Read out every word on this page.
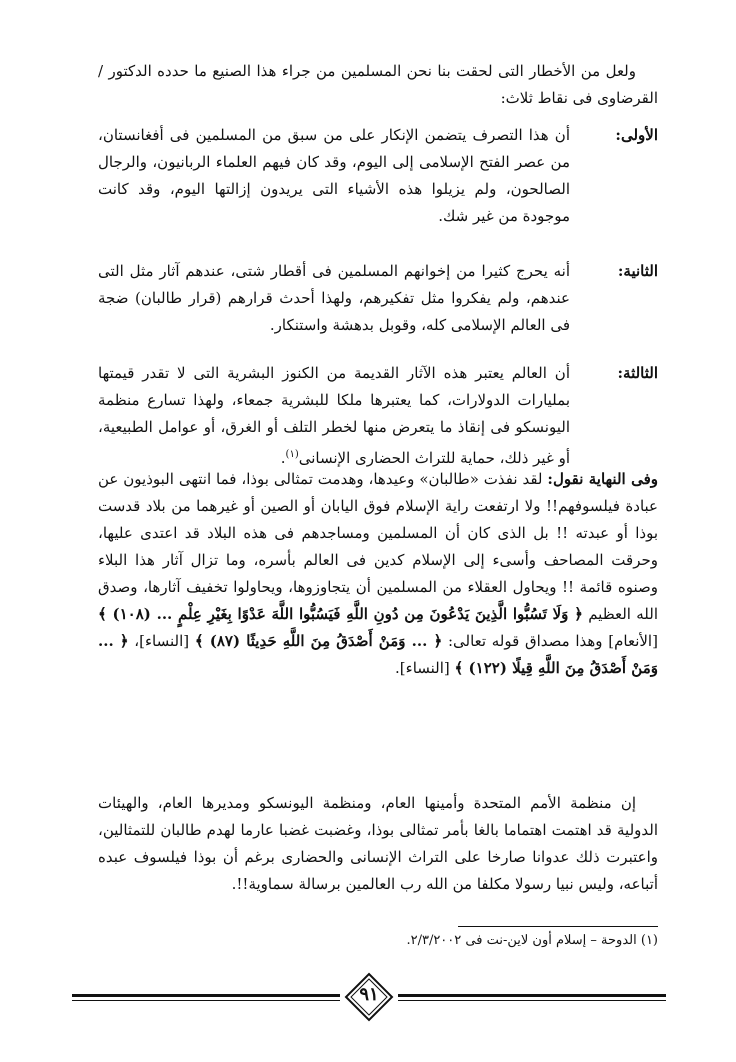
ولعل من الأخطار التى لحقت بنا نحن المسلمين من جراء هذا الصنيع ما حدده الدكتور / القرضاوى فى نقاط ثلاث:

الأولى:
أن هذا التصرف يتضمن الإنكار على من سبق من المسلمين فى أفغانستان، من عصر الفتح الإسلامى إلى اليوم، وقد كان فيهم العلماء الربانيون، والرجال الصالحون، ولم يزيلوا هذه الأشياء التى يريدون إزالتها اليوم، وقد كانت موجودة من غير شك.
الثانية:
أنه يحرج كثيرا من إخوانهم المسلمين فى أقطار شتى، عندهم آثار مثل التى عندهم، ولم يفكروا مثل تفكيرهم، ولهذا أحدث قرارهم (قرار طالبان) ضجة فى العالم الإسلامى كله، وقوبل بدهشة واستنكار.
الثالثة:
أن العالم يعتبر هذه الآثار القديمة من الكنوز البشرية التى لا تقدر قيمتها بمليارات الدولارات، كما يعتبرها ملكا للبشرية جمعاء، ولهذا تسارع منظمة اليونسكو فى إنقاذ ما يتعرض منها لخطر التلف أو الغرق، أو عوامل الطبيعية، أو غير ذلك، حماية للتراث الحضارى الإنسانى$^{(١)}$.

وفى النهاية نقول: لقد نفذت «طالبان» وعيدها، وهدمت تمثالى بوذا، فما انتهى البوذيون عن عبادة فيلسوفهم!! ولا ارتفعت راية الإسلام فوق اليابان أو الصين أو غيرهما من بلاد قدست بوذا أو عبدته !! بل الذى كان أن المسلمين ومساجدهم فى هذه البلاد قد اعتدى عليها، وحرقت المصاحف وأسىء إلى الإسلام كدين فى العالم بأسره، وما تزال آثار هذا البلاء وصنوه قائمة !! ويحاول العقلاء من المسلمين أن يتجاوزوها، ويحاولوا تخفيف آثارها، وصدق الله العظيم ﴿ وَلَا تَسُبُّوا الَّذِينَ يَدْعُونَ مِن دُونِ اللَّهِ فَيَسُبُّوا اللَّهَ عَدْوًا بِغَيْرِ عِلْمٍ ... (١٠٨) ﴾ [الأنعام] وهذا مصداق قوله تعالى: ﴿ ... وَمَنْ أَصْدَقُ مِنَ اللَّهِ حَدِيثًا (٨٧) ﴾ [النساء]، ﴿ ... وَمَنْ أَصْدَقُ مِنَ اللَّهِ قِيلًا (١٢٢) ﴾ [النساء].

إن منظمة الأمم المتحدة وأمينها العام، ومنظمة اليونسكو ومديرها العام، والهيئات الدولية قد اهتمت اهتماما بالغا بأمر تمثالى بوذا، وغضبت غضبا عارما لهدم طالبان للتمثالين، واعتبرت ذلك عدوانا صارخا على التراث الإنسانى والحضارى برغم أن بوذا فيلسوف عبده أتباعه، وليس نبيا رسولا مكلفا من الله رب العالمين برسالة سماوية!!.

(١) الدوحة – إسلام أون لاين-نت فى ٢/٣/٢٠٠٢.
٩١
